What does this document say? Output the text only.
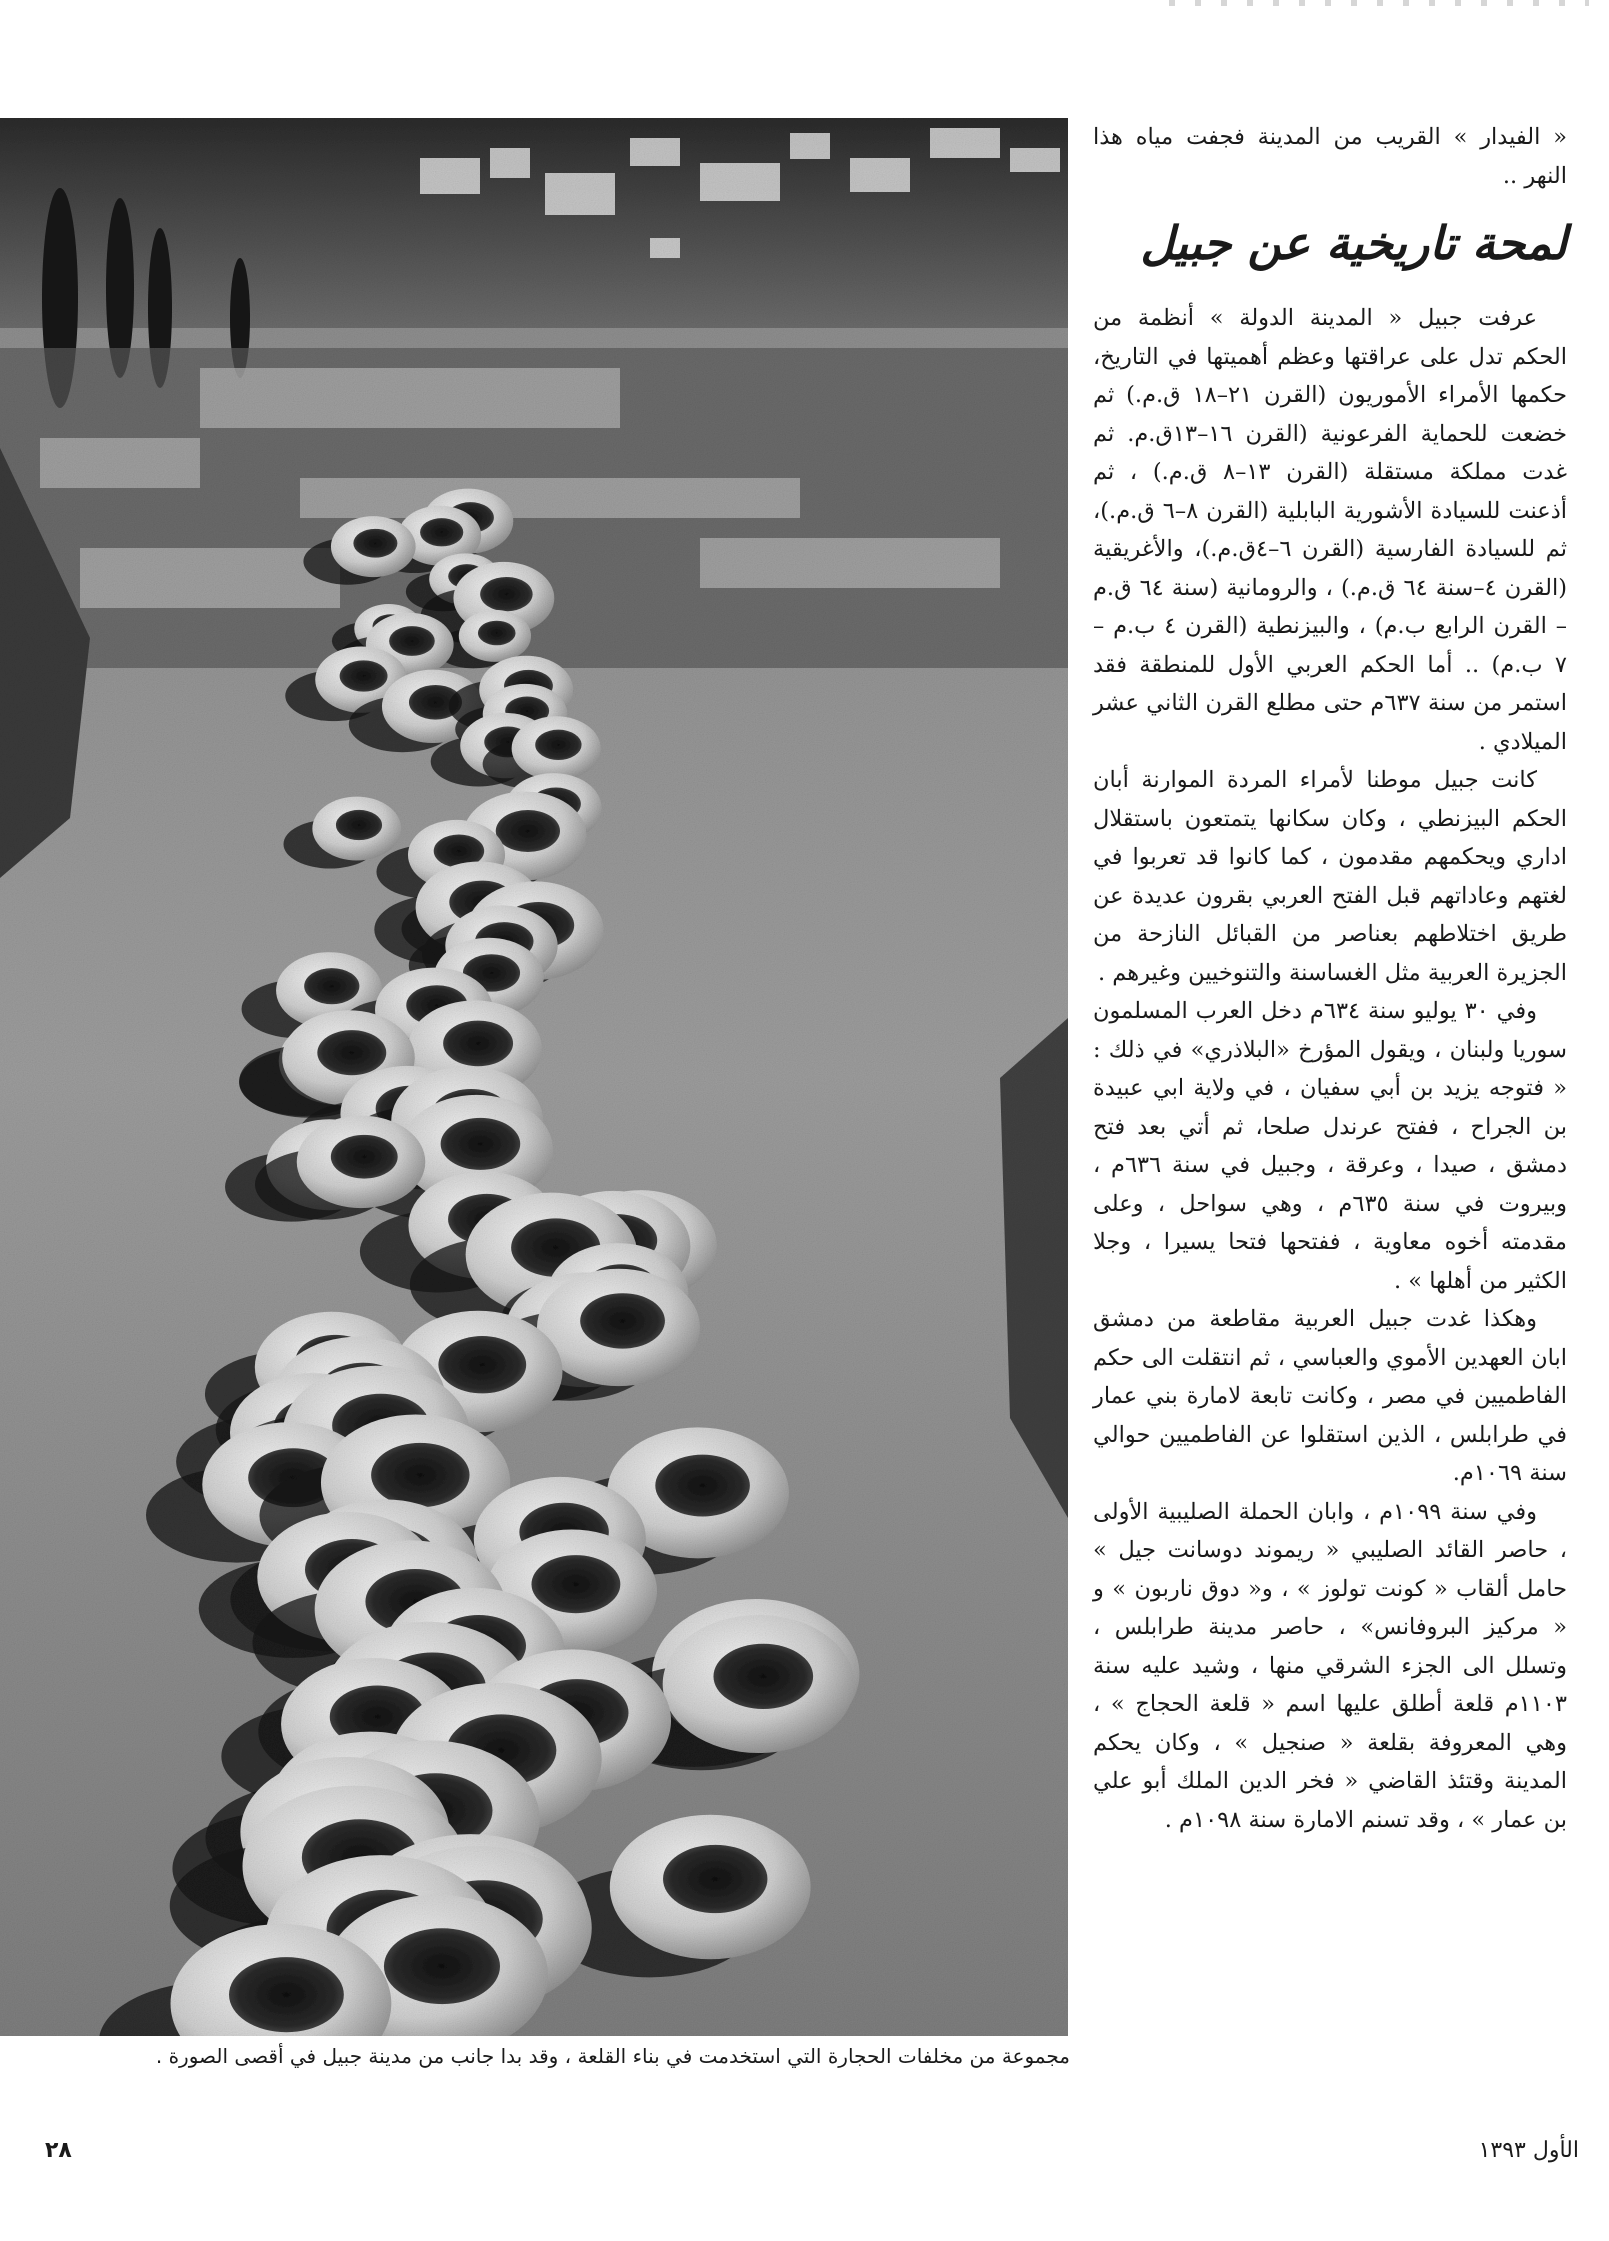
مجموعة من مخلفات الحجارة التي استخدمت في بناء القلعة ، وقد بدا جانب من مدينة جبيل في أقصى الصورة .

« الفيدار » القريب من المدينة فجفت مياه هذا النهر ..

لمحة تاريخية عن جبيل

عرفت جبيل « المدينة الدولة » أنظمة من الحكم تدل على عراقتها وعظم أهميتها في التاريخ، حكمها الأمراء الأموريون (القرن ٢١–١٨ ق.م.) ثم خضعت للحماية الفرعونية (القرن ١٦–١٣ق.م. ثم غدت مملكة مستقلة (القرن ١٣–٨ ق.م.) ، ثم أذعنت للسيادة الأشورية البابلية (القرن ٨–٦ ق.م.)، ثم للسيادة الفارسية (القرن ٦–٤ق.م.)، والأغريقية (القرن ٤–سنة ٦٤ ق.م.) ، والرومانية (سنة ٦٤ ق.م – القرن الرابع ب.م) ، والبيزنطية (القرن ٤ ب.م – ٧ ب.م) .. أما الحكم العربي الأول للمنطقة فقد استمر من سنة ٦٣٧م حتى مطلع القرن الثاني عشر الميلادي .

كانت جبيل موطنا لأمراء المردة الموارنة أبان الحكم البيزنطي ، وكان سكانها يتمتعون باستقلال اداري ويحكمهم مقدمون ، كما كانوا قد تعربوا في لغتهم وعاداتهم قبل الفتح العربي بقرون عديدة عن طريق اختلاطهم بعناصر من القبائل النازحة من الجزيرة العربية مثل الغساسنة والتنوخيين وغيرهم .

وفي ٣٠ يوليو سنة ٦٣٤م دخل العرب المسلمون سوريا ولبنان ، ويقول المؤرخ «البلاذري» في ذلك : « فتوجه يزيد بن أبي سفيان ، في ولاية ابي عبيدة بن الجراح ، ففتح عرندل صلحا، ثم أتي بعد فتح دمشق ، صيدا ، وعرقة ، وجبيل في سنة ٦٣٦م ، وبيروت في سنة ٦٣٥م ، وهي سواحل ، وعلى مقدمته أخوه معاوية ، ففتحها فتحا يسيرا ، وجلا الكثير من أهلها » .

وهكذا غدت جبيل العربية مقاطعة من دمشق ابان العهدين الأموي والعباسي ، ثم انتقلت الى حكم الفاطميين في مصر ، وكانت تابعة لامارة بني عمار في طرابلس ، الذين استقلوا عن الفاطميين حوالي سنة ١٠٦٩م.

وفي سنة ١٠٩٩م ، وابان الحملة الصليبية الأولى ، حاصر القائد الصليبي « ريموند دوسانت جيل » حامل ألقاب « كونت تولوز » ، و« دوق ناربون » و « مركيز البروفانس» ، حاصر مدينة طرابلس ، وتسلل الى الجزء الشرقي منها ، وشيد عليه سنة ١١٠٣م قلعة أطلق عليها اسم « قلعة الحجاج » ، وهي المعروفة بقلعة « صنجيل » ، وكان يحكم المدينة وقتئذ القاضي « فخر الدين الملك أبو علي بن عمار » ، وقد تسنم الامارة سنة ١٠٩٨م .

٢٨	الأول ١٣٩٣
